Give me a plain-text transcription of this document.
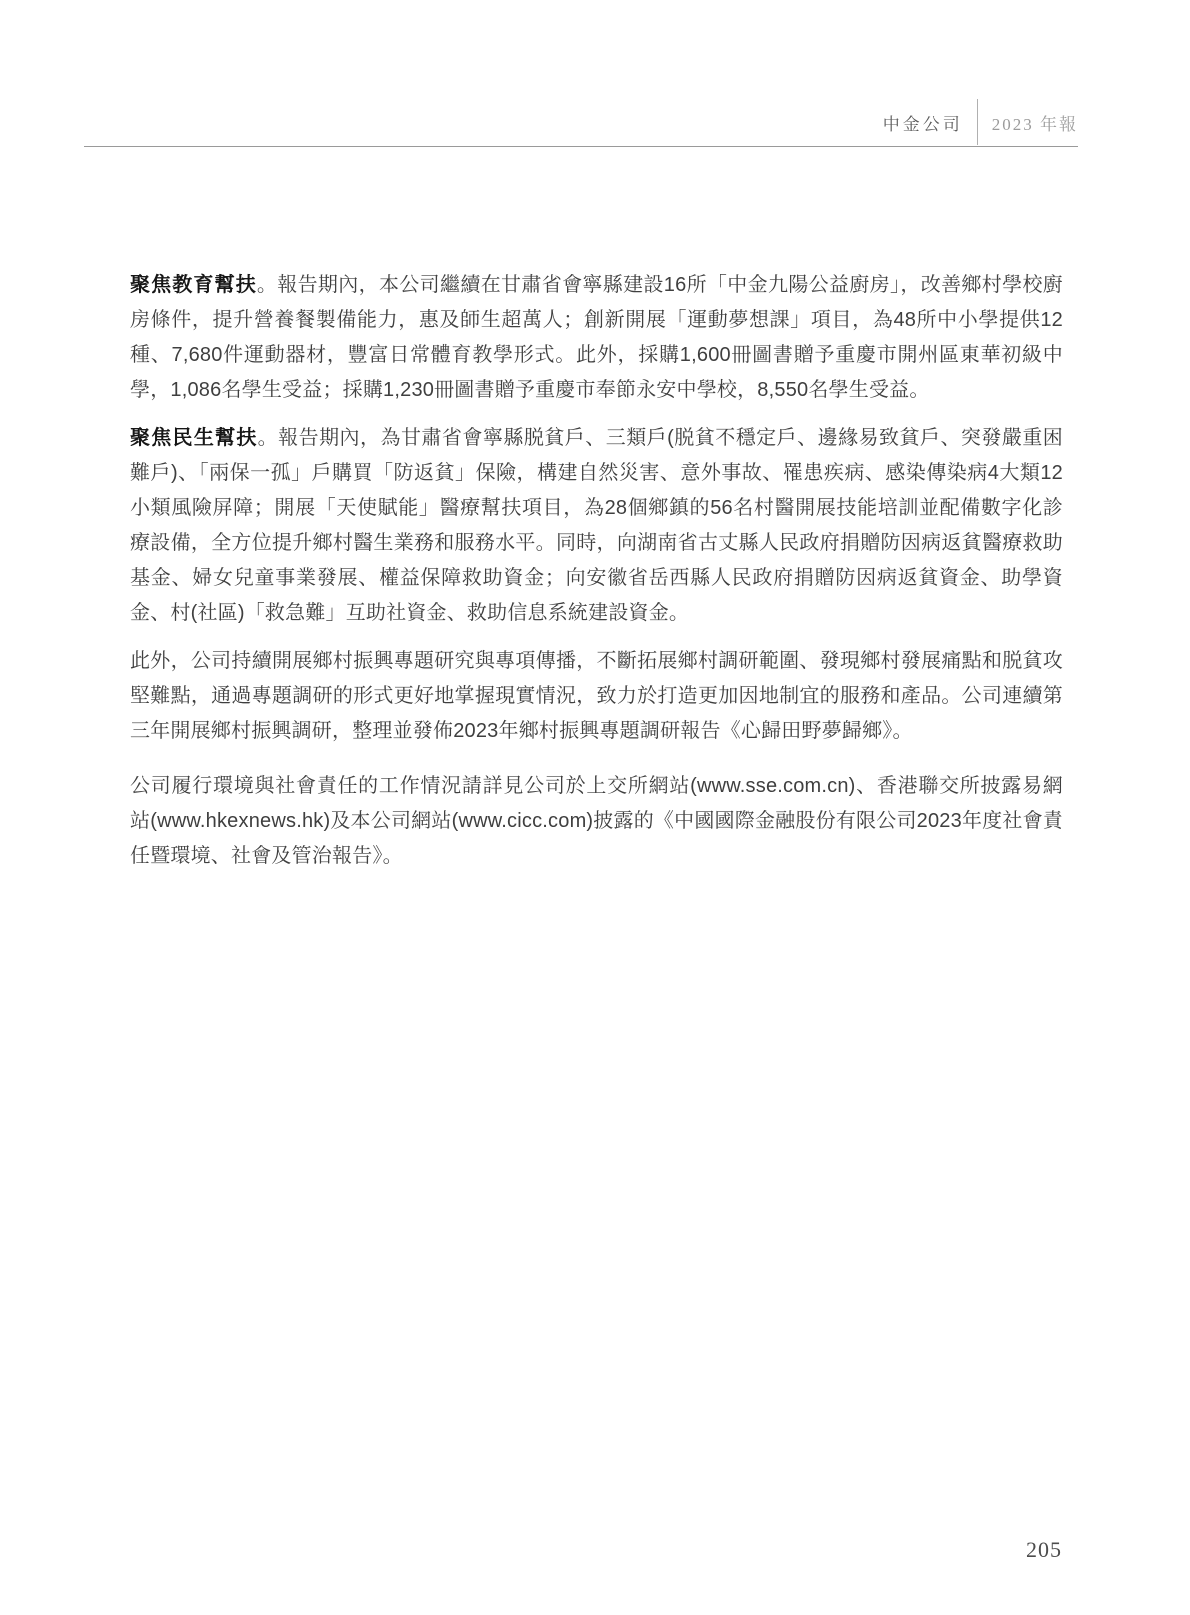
中金公司	2023 年報

聚焦教育幫扶。報告期內，本公司繼續在甘肅省會寧縣建設16所「中金九陽公益廚房」，改善鄉村學校廚房條件，提升營養餐製備能力，惠及師生超萬人；創新開展「運動夢想課」項目，為48所中小學提供12種、7,680件運動器材，豐富日常體育教學形式。此外，採購1,600冊圖書贈予重慶市開州區東華初級中學，1,086名學生受益；採購1,230冊圖書贈予重慶市奉節永安中學校，8,550名學生受益。

聚焦民生幫扶。報告期內，為甘肅省會寧縣脱貧戶、三類戶(脱貧不穩定戶、邊緣易致貧戶、突發嚴重困難戶)、「兩保一孤」戶購買「防返貧」保險，構建自然災害、意外事故、罹患疾病、感染傳染病4大類12小類風險屏障；開展「天使賦能」醫療幫扶項目，為28個鄉鎮的56名村醫開展技能培訓並配備數字化診療設備，全方位提升鄉村醫生業務和服務水平。同時，向湖南省古丈縣人民政府捐贈防因病返貧醫療救助基金、婦女兒童事業發展、權益保障救助資金；向安徽省岳西縣人民政府捐贈防因病返貧資金、助學資金、村(社區)「救急難」互助社資金、救助信息系統建設資金。

此外，公司持續開展鄉村振興專題研究與專項傳播，不斷拓展鄉村調研範圍、發現鄉村發展痛點和脱貧攻堅難點，通過專題調研的形式更好地掌握現實情況，致力於打造更加因地制宜的服務和產品。公司連續第三年開展鄉村振興調研，整理並發佈2023年鄉村振興專題調研報告《心歸田野夢歸鄉》。

公司履行環境與社會責任的工作情況請詳見公司於上交所網站(www.sse.com.cn)、香港聯交所披露易網站(www.hkexnews.hk)及本公司網站(www.cicc.com)披露的《中國國際金融股份有限公司2023年度社會責任暨環境、社會及管治報告》。

205
